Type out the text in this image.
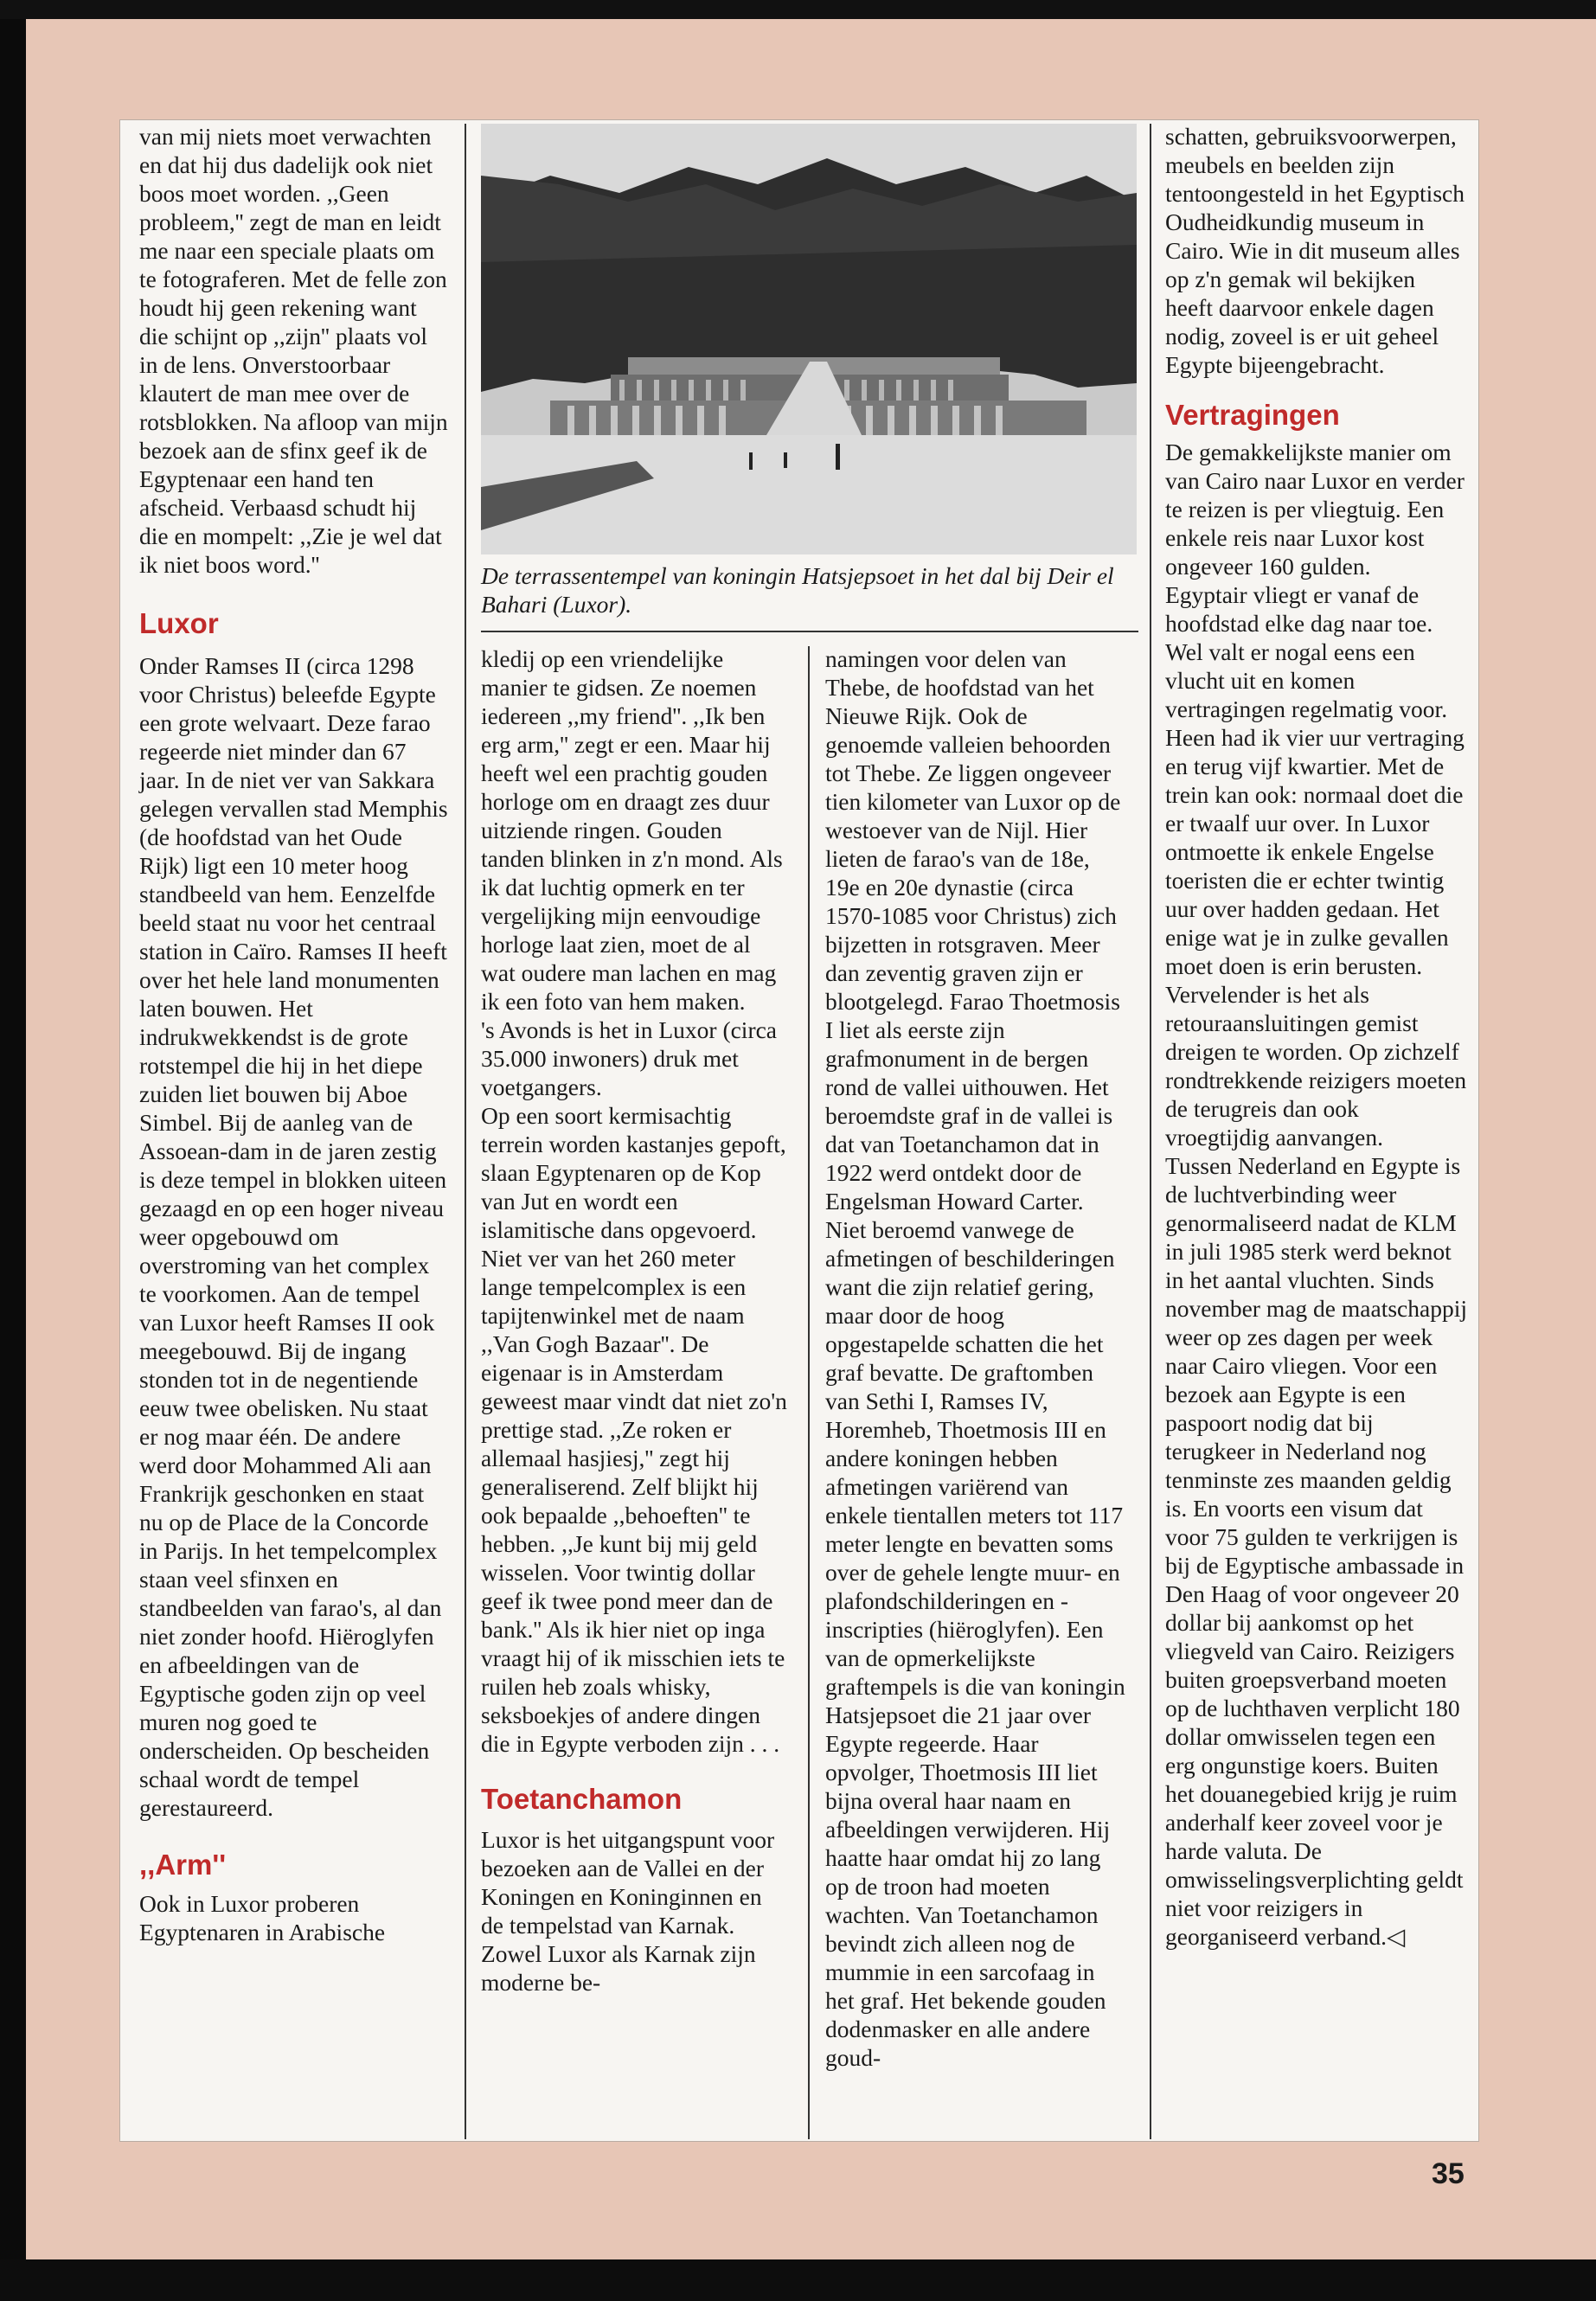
van mij niets moet verwachten en dat hij dus dadelijk ook niet boos moet worden. ,,Geen probleem,'' zegt de man en leidt me naar een speciale plaats om te fotograferen. Met de felle zon houdt hij geen rekening want die schijnt op ,,zijn'' plaats vol in de lens. Onverstoorbaar klautert de man mee over de rotsblokken. Na afloop van mijn bezoek aan de sfinx geef ik de Egyptenaar een hand ten afscheid. Verbaasd schudt hij die en mompelt: ,,Zie je wel dat ik niet boos word.''

Luxor

Onder Ramses II (circa 1298 voor Christus) beleefde Egypte een grote welvaart. Deze farao regeerde niet minder dan 67 jaar. In de niet ver van Sakkara gelegen vervallen stad Memphis (de hoofdstad van het Oude Rijk) ligt een 10 meter hoog standbeeld van hem. Eenzelfde beeld staat nu voor het centraal station in Caïro. Ramses II heeft over het hele land monumenten laten bouwen. Het indrukwekkendst is de grote rotstempel die hij in het diepe zuiden liet bouwen bij Aboe Simbel. Bij de aanleg van de Assoean-dam in de jaren zestig is deze tempel in blokken uiteen gezaagd en op een hoger niveau weer opgebouwd om overstroming van het complex te voorkomen. Aan de tempel van Luxor heeft Ramses II ook meegebouwd. Bij de ingang stonden tot in de negentiende eeuw twee obelisken. Nu staat er nog maar één. De andere werd door Mohammed Ali aan Frankrijk geschonken en staat nu op de Place de la Concorde in Parijs. In het tempelcomplex staan veel sfinxen en standbeelden van farao's, al dan niet zonder hoofd. Hiëroglyfen en afbeeldingen van de Egyptische goden zijn op veel muren nog goed te onderscheiden. Op bescheiden schaal wordt de tempel gerestaureerd.

,,Arm''

Ook in Luxor proberen Egyptenaren in Arabische

De terrassentempel van koningin Hatsjepsoet in het dal bij Deir el Bahari (Luxor).

kledij op een vriendelijke manier te gidsen. Ze noemen iedereen ,,my friend''. ,,Ik ben erg arm,'' zegt er een. Maar hij heeft wel een prachtig gouden horloge om en draagt zes duur uitziende ringen. Gouden tanden blinken in z'n mond. Als ik dat luchtig opmerk en ter vergelijking mijn eenvoudige horloge laat zien, moet de al wat oudere man lachen en mag ik een foto van hem maken.

's Avonds is het in Luxor (circa 35.000 inwoners) druk met voetgangers.

Op een soort kermisachtig terrein worden kastanjes gepoft, slaan Egyptenaren op de Kop van Jut en wordt een islamitische dans opgevoerd. Niet ver van het 260 meter lange tempelcomplex is een tapijtenwinkel met de naam ,,Van Gogh Bazaar''. De eigenaar is in Amsterdam geweest maar vindt dat niet zo'n prettige stad. ,,Ze roken er allemaal hasjiesj,'' zegt hij generaliserend. Zelf blijkt hij ook bepaalde ,,behoeften'' te hebben. ,,Je kunt bij mij geld wisselen. Voor twintig dollar geef ik twee pond meer dan de bank.'' Als ik hier niet op inga vraagt hij of ik misschien iets te ruilen heb zoals whisky, seksboekjes of andere dingen die in Egypte verboden zijn . . .

Toetanchamon

Luxor is het uitgangspunt voor bezoeken aan de Vallei en der Koningen en Koninginnen en de tempelstad van Karnak. Zowel Luxor als Karnak zijn moderne be-

namingen voor delen van Thebe, de hoofdstad van het Nieuwe Rijk. Ook de genoemde valleien behoorden tot Thebe. Ze liggen ongeveer tien kilometer van Luxor op de westoever van de Nijl. Hier lieten de farao's van de 18e, 19e en 20e dynastie (circa 1570-1085 voor Christus) zich bijzetten in rotsgraven. Meer dan zeventig graven zijn er blootgelegd. Farao Thoetmosis I liet als eerste zijn grafmonument in de bergen rond de vallei uithouwen. Het beroemdste graf in de vallei is dat van Toetanchamon dat in 1922 werd ontdekt door de Engelsman Howard Carter. Niet beroemd vanwege de afmetingen of beschilderingen want die zijn relatief gering, maar door de hoog opgestapelde schatten die het graf bevatte. De graftomben van Sethi I, Ramses IV, Horemheb, Thoetmosis III en andere koningen hebben afmetingen variërend van enkele tientallen meters tot 117 meter lengte en bevatten soms over de gehele lengte muur- en plafondschilderingen en -inscripties (hiëroglyfen). Een van de opmerkelijkste graftempels is die van koningin Hatsjepsoet die 21 jaar over Egypte regeerde. Haar opvolger, Thoetmosis III liet bijna overal haar naam en afbeeldingen verwijderen. Hij haatte haar omdat hij zo lang op de troon had moeten wachten. Van Toetanchamon bevindt zich alleen nog de mummie in een sarcofaag in het graf. Het bekende gouden dodenmasker en alle andere goud-

schatten, gebruiksvoorwerpen, meubels en beelden zijn tentoongesteld in het Egyptisch Oudheidkundig museum in Cairo. Wie in dit museum alles op z'n gemak wil bekijken heeft daarvoor enkele dagen nodig, zoveel is er uit geheel Egypte bijeengebracht.

Vertragingen

De gemakkelijkste manier om van Cairo naar Luxor en verder te reizen is per vliegtuig. Een enkele reis naar Luxor kost ongeveer 160 gulden.

Egyptair vliegt er vanaf de hoofdstad elke dag naar toe. Wel valt er nogal eens een vlucht uit en komen vertragingen regelmatig voor. Heen had ik vier uur vertraging en terug vijf kwartier. Met de trein kan ook: normaal doet die er twaalf uur over. In Luxor ontmoette ik enkele Engelse toeristen die er echter twintig uur over hadden gedaan. Het enige wat je in zulke gevallen moet doen is erin berusten. Vervelender is het als retouraansluitingen gemist dreigen te worden. Op zichzelf rondtrekkende reizigers moeten de terugreis dan ook vroegtijdig aanvangen.

Tussen Nederland en Egypte is de luchtverbinding weer genormaliseerd nadat de KLM in juli 1985 sterk werd beknot in het aantal vluchten. Sinds november mag de maatschappij weer op zes dagen per week naar Cairo vliegen. Voor een bezoek aan Egypte is een paspoort nodig dat bij terugkeer in Nederland nog tenminste zes maanden geldig is. En voorts een visum dat voor 75 gulden te verkrijgen is bij de Egyptische ambassade in Den Haag of voor ongeveer 20 dollar bij aankomst op het vliegveld van Cairo. Reizigers buiten groepsverband moeten op de luchthaven verplicht 180 dollar omwisselen tegen een erg ongunstige koers. Buiten het douanegebied krijg je ruim anderhalf keer zoveel voor je harde valuta. De omwisselingsverplichting geldt niet voor reizigers in georganiseerd verband.◁

35
